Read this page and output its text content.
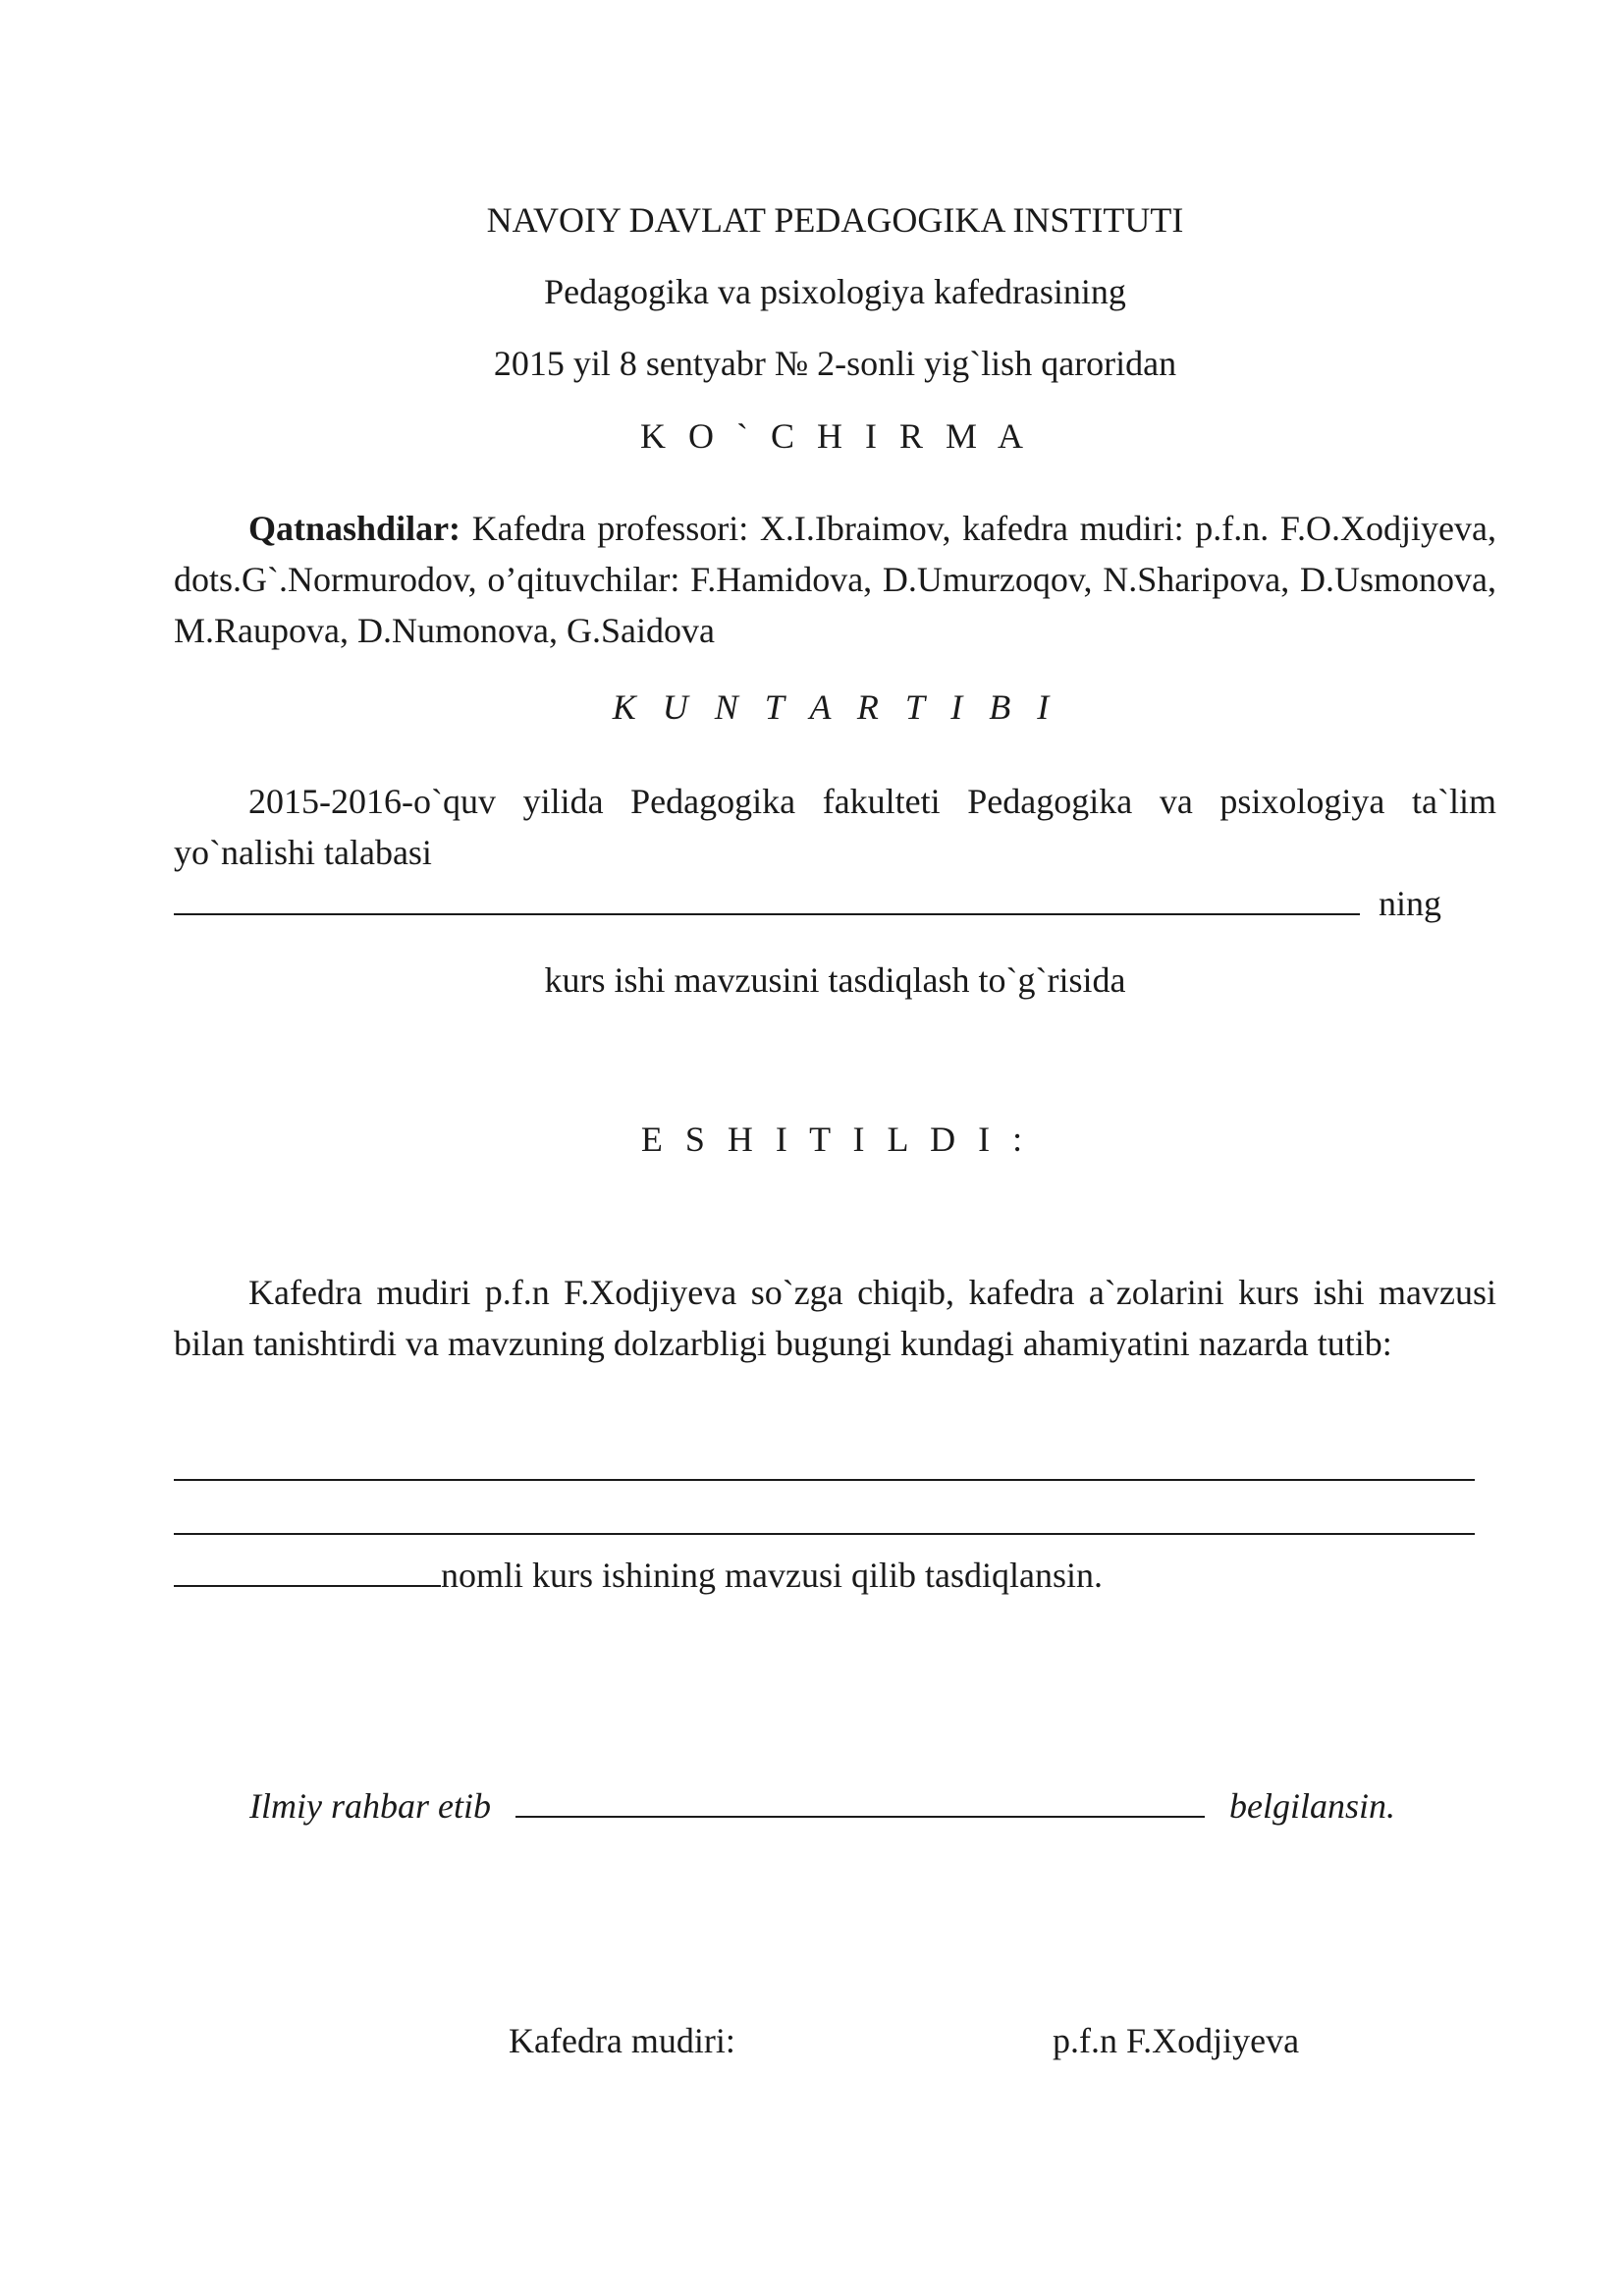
NAVOIY DAVLAT PEDAGOGIKA INSTITUTI
Pedagogika va psixologiya kafedrasining
2015 yil 8 sentyabr № 2-sonli yig`lish qaroridan
K O ` C H I R M A
Qatnashdilar: Kafedra professori: X.I.Ibraimov, kafedra mudiri: p.f.n. F.O.Xodjiyeva, dots.G`.Normurodov, o’qituvchilar: F.Hamidova, D.Umurzoqov, N.Sharipova, D.Usmonova, M.Raupova, D.Numonova, G.Saidova
K U N T A R T I B I
2015-2016-o`quv yilida Pedagogika fakulteti Pedagogika va psixologiya ta`lim yo`nalishi talabasi
ning
kurs ishi mavzusini tasdiqlash to`g`risida
E S H I T I L D I :
Kafedra mudiri p.f.n F.Xodjiyeva so`zga chiqib, kafedra a`zolarini kurs ishi mavzusi bilan tanishtirdi va mavzuning dolzarbligi bugungi kundagi ahamiyatini nazarda tutib:
nomli kurs ishining mavzusi qilib tasdiqlansin.
Ilmiy rahbar etib	belgilansin.
Kafedra mudiri:	p.f.n F.Xodjiyeva
